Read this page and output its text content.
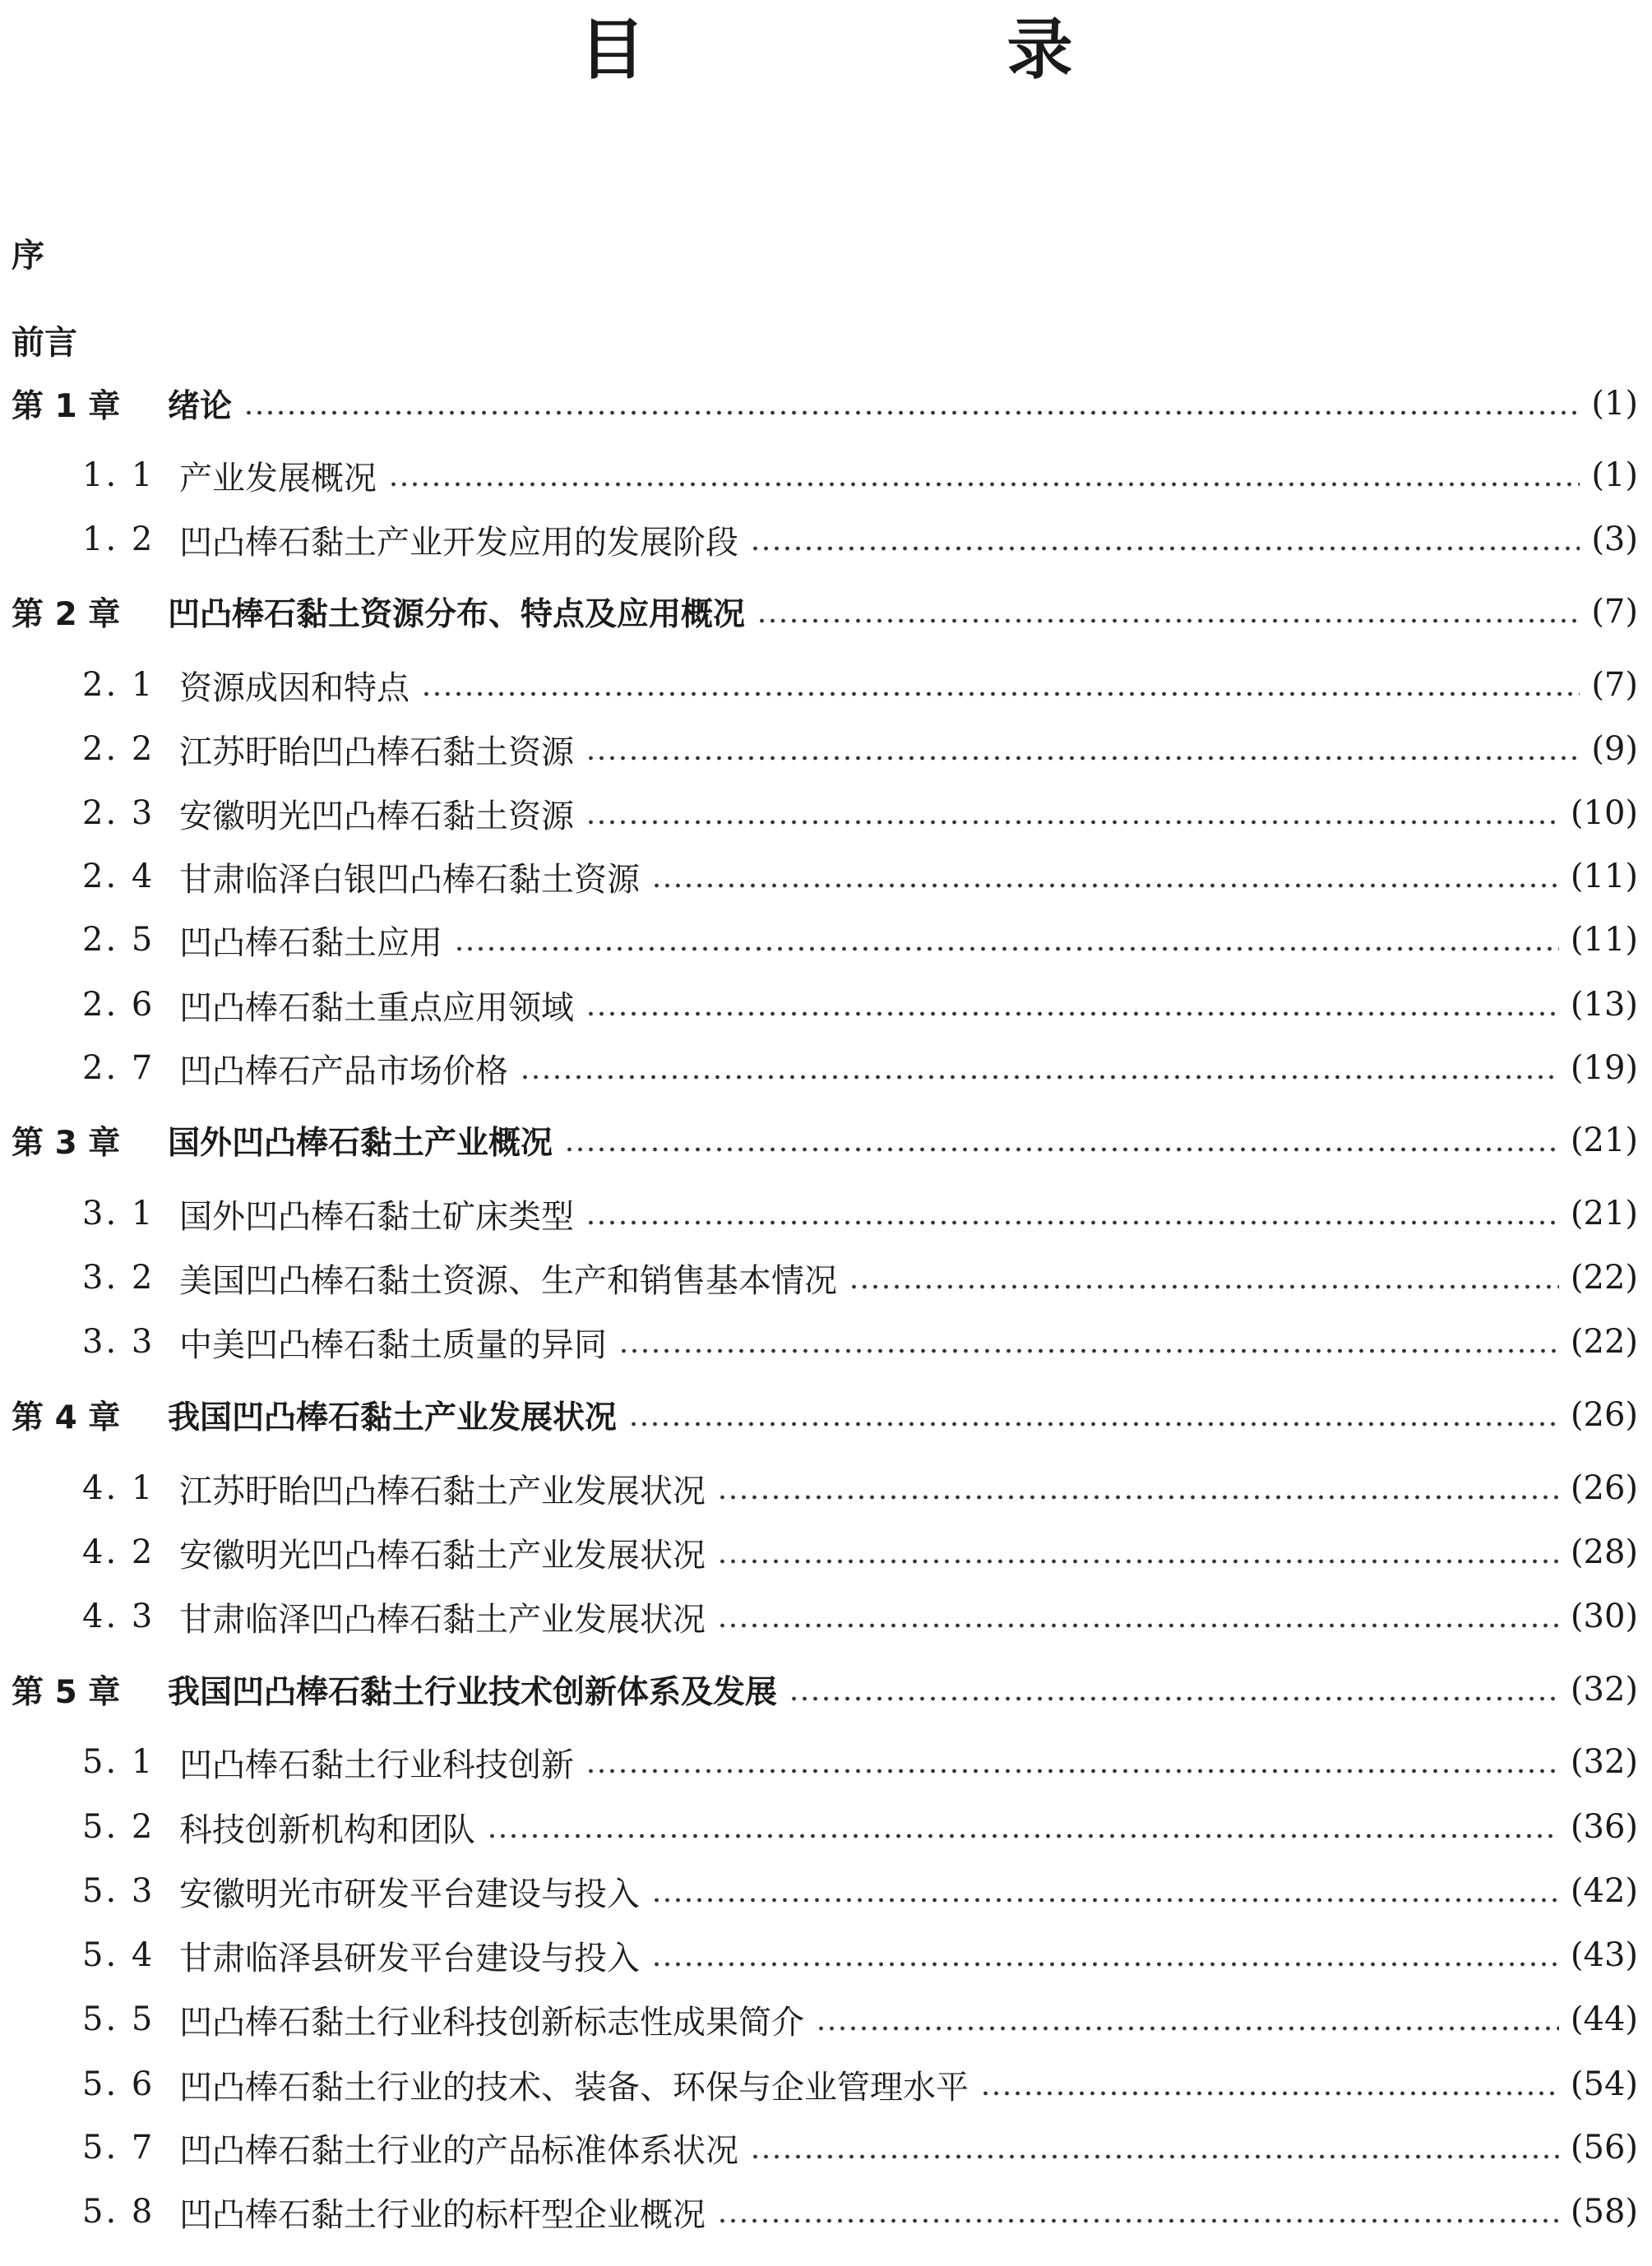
目　录
序
前言
第 1 章	绪论	(1)
1. 1 产业发展概况	(1)
1. 2 凹凸棒石黏土产业开发应用的发展阶段	(3)
第 2 章	凹凸棒石黏土资源分布、特点及应用概况	(7)
2. 1 资源成因和特点	(7)
2. 2 江苏盱眙凹凸棒石黏土资源	(9)
2. 3 安徽明光凹凸棒石黏土资源	(10)
2. 4 甘肃临泽白银凹凸棒石黏土资源	(11)
2. 5 凹凸棒石黏土应用	(11)
2. 6 凹凸棒石黏土重点应用领域	(13)
2. 7 凹凸棒石产品市场价格	(19)
第 3 章	国外凹凸棒石黏土产业概况	(21)
3. 1 国外凹凸棒石黏土矿床类型	(21)
3. 2 美国凹凸棒石黏土资源、生产和销售基本情况	(22)
3. 3 中美凹凸棒石黏土质量的异同	(22)
第 4 章	我国凹凸棒石黏土产业发展状况	(26)
4. 1 江苏盱眙凹凸棒石黏土产业发展状况	(26)
4. 2 安徽明光凹凸棒石黏土产业发展状况	(28)
4. 3 甘肃临泽凹凸棒石黏土产业发展状况	(30)
第 5 章	我国凹凸棒石黏土行业技术创新体系及发展	(32)
5. 1 凹凸棒石黏土行业科技创新	(32)
5. 2 科技创新机构和团队	(36)
5. 3 安徽明光市研发平台建设与投入	(42)
5. 4 甘肃临泽县研发平台建设与投入	(43)
5. 5 凹凸棒石黏土行业科技创新标志性成果简介	(44)
5. 6 凹凸棒石黏土行业的技术、装备、环保与企业管理水平	(54)
5. 7 凹凸棒石黏土行业的产品标准体系状况	(56)
5. 8 凹凸棒石黏土行业的标杆型企业概况	(58)
